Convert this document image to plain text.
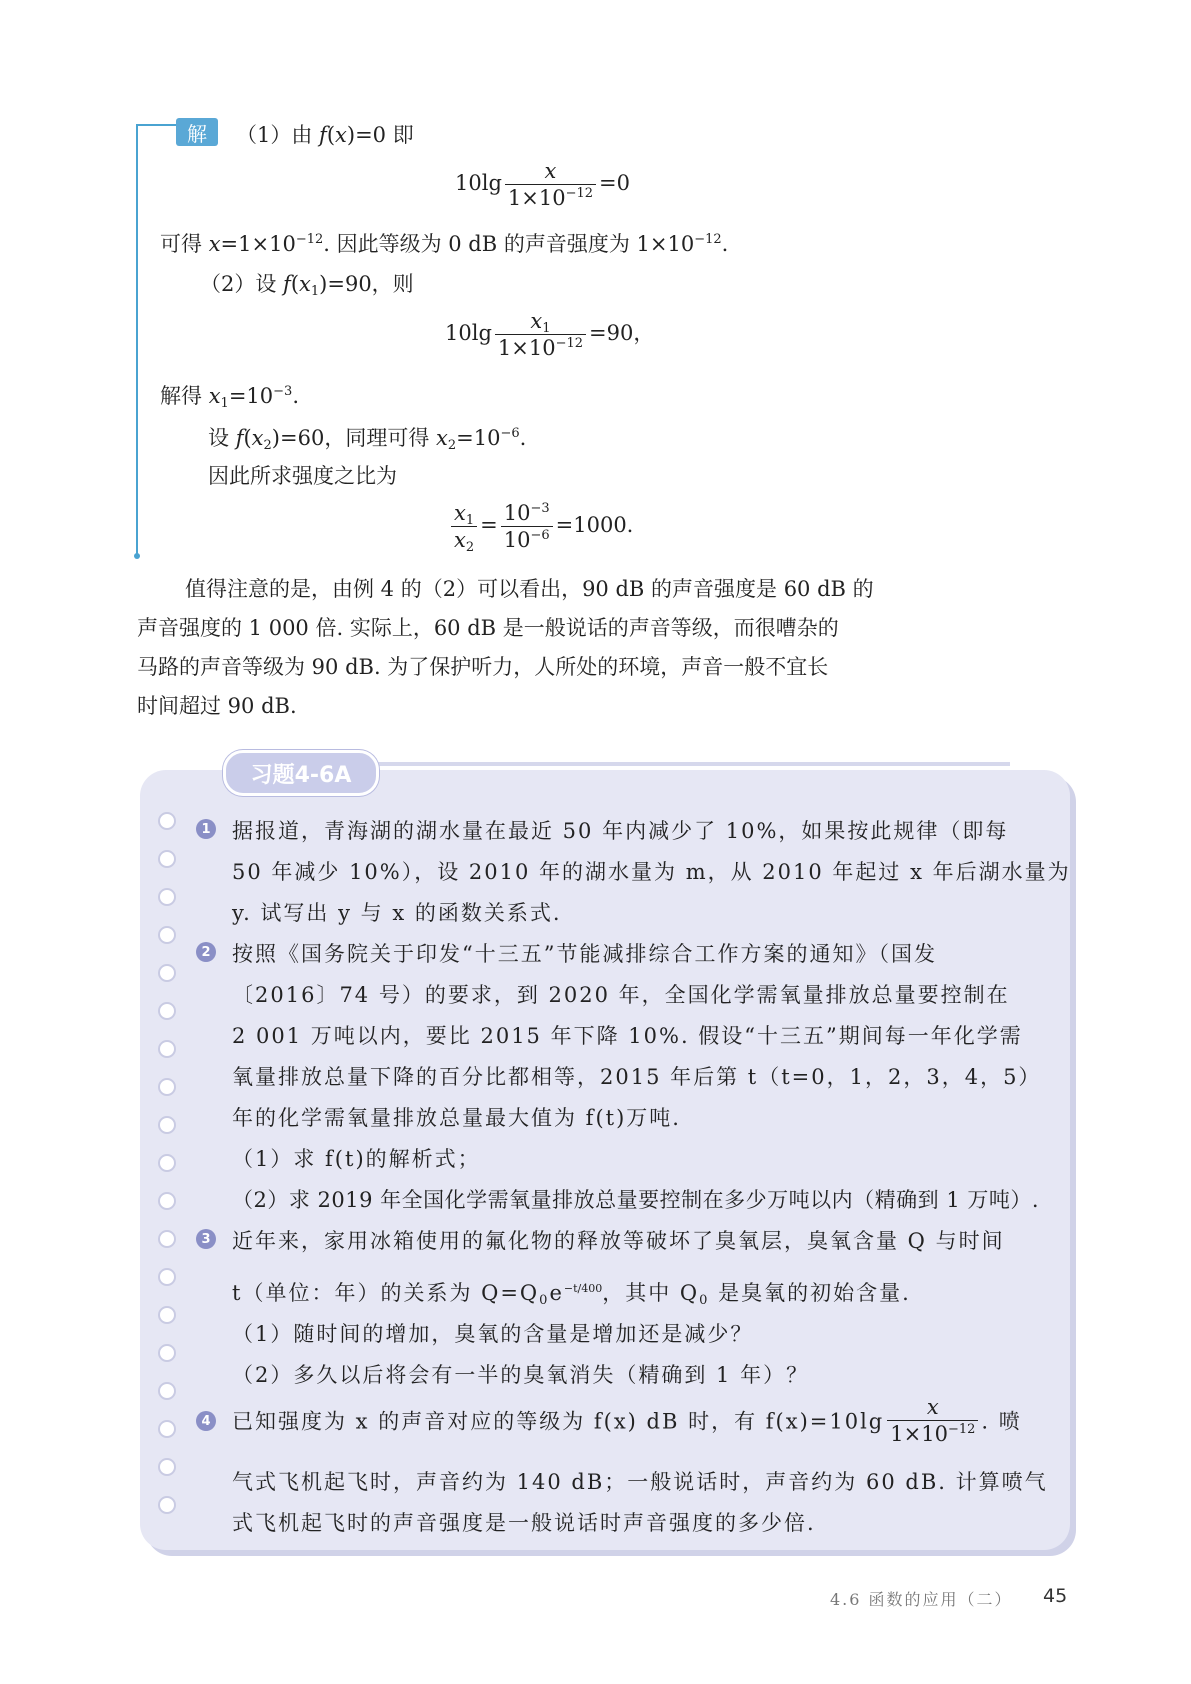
解	（1）由 f(x)=0 即
$10\lg \frac{x}{1\times 10^{-12}} =0$
可得 $x=1\times 10^{-12}$. 因此等级为 0 dB 的声音强度为 $1\times 10^{-12}$.
（2）设 $f(x_1)=90$，则
$10\lg \frac{x_1}{1\times 10^{-12}} =90$，
解得 $x_1=10^{-3}$.
设 $f(x_2)=60$，同理可得 $x_2=10^{-6}$.
因此所求强度之比为
$\frac{x_1}{x_2} = \frac{10^{-3}}{10^{-6}} =1000$.
值得注意的是，由例 4 的（2）可以看出，90 dB 的声音强度是 60 dB 的
声音强度的 1 000 倍. 实际上，60 dB 是一般说话的声音等级，而很嘈杂的
马路的声音等级为 90 dB. 为了保护听力，人所处的环境，声音一般不宜长
时间超过 90 dB.
习题4-6A
1 据报道，青海湖的湖水量在最近 50 年内减少了 10%，如果按此规律（即每
50 年减少 10%），设 2010 年的湖水量为 m，从 2010 年起过 x 年后湖水量为
y. 试写出 y 与 x 的函数关系式.
2 按照《国务院关于印发“十三五”节能减排综合工作方案的通知》（国发
〔2016〕74 号）的要求，到 2020 年，全国化学需氧量排放总量要控制在
2 001 万吨以内，要比 2015 年下降 10%. 假设“十三五”期间每一年化学需
氧量排放总量下降的百分比都相等，2015 年后第 t（t=0，1，2，3，4，5）
年的化学需氧量排放总量最大值为 f(t)万吨.
（1）求 f(t)的解析式；
（2）求 2019 年全国化学需氧量排放总量要控制在多少万吨以内（精确到 1 万吨）.
3 近年来，家用冰箱使用的氟化物的释放等破坏了臭氧层，臭氧含量 Q 与时间
t（单位：年）的关系为 $Q=Q_0e^{-t/400}$，其中 $Q_0$ 是臭氧的初始含量.
（1）随时间的增加，臭氧的含量是增加还是减少？
（2）多久以后将会有一半的臭氧消失（精确到 1 年）？
4 已知强度为 x 的声音对应的等级为 f(x) dB 时，有 $f(x)=10\lg \frac{x}{1\times 10^{-12}}$ . 喷
气式飞机起飞时，声音约为 140 dB；一般说话时，声音约为 60 dB. 计算喷气
式飞机起飞时的声音强度是一般说话时声音强度的多少倍.
4.6 函数的应用（二） 45
